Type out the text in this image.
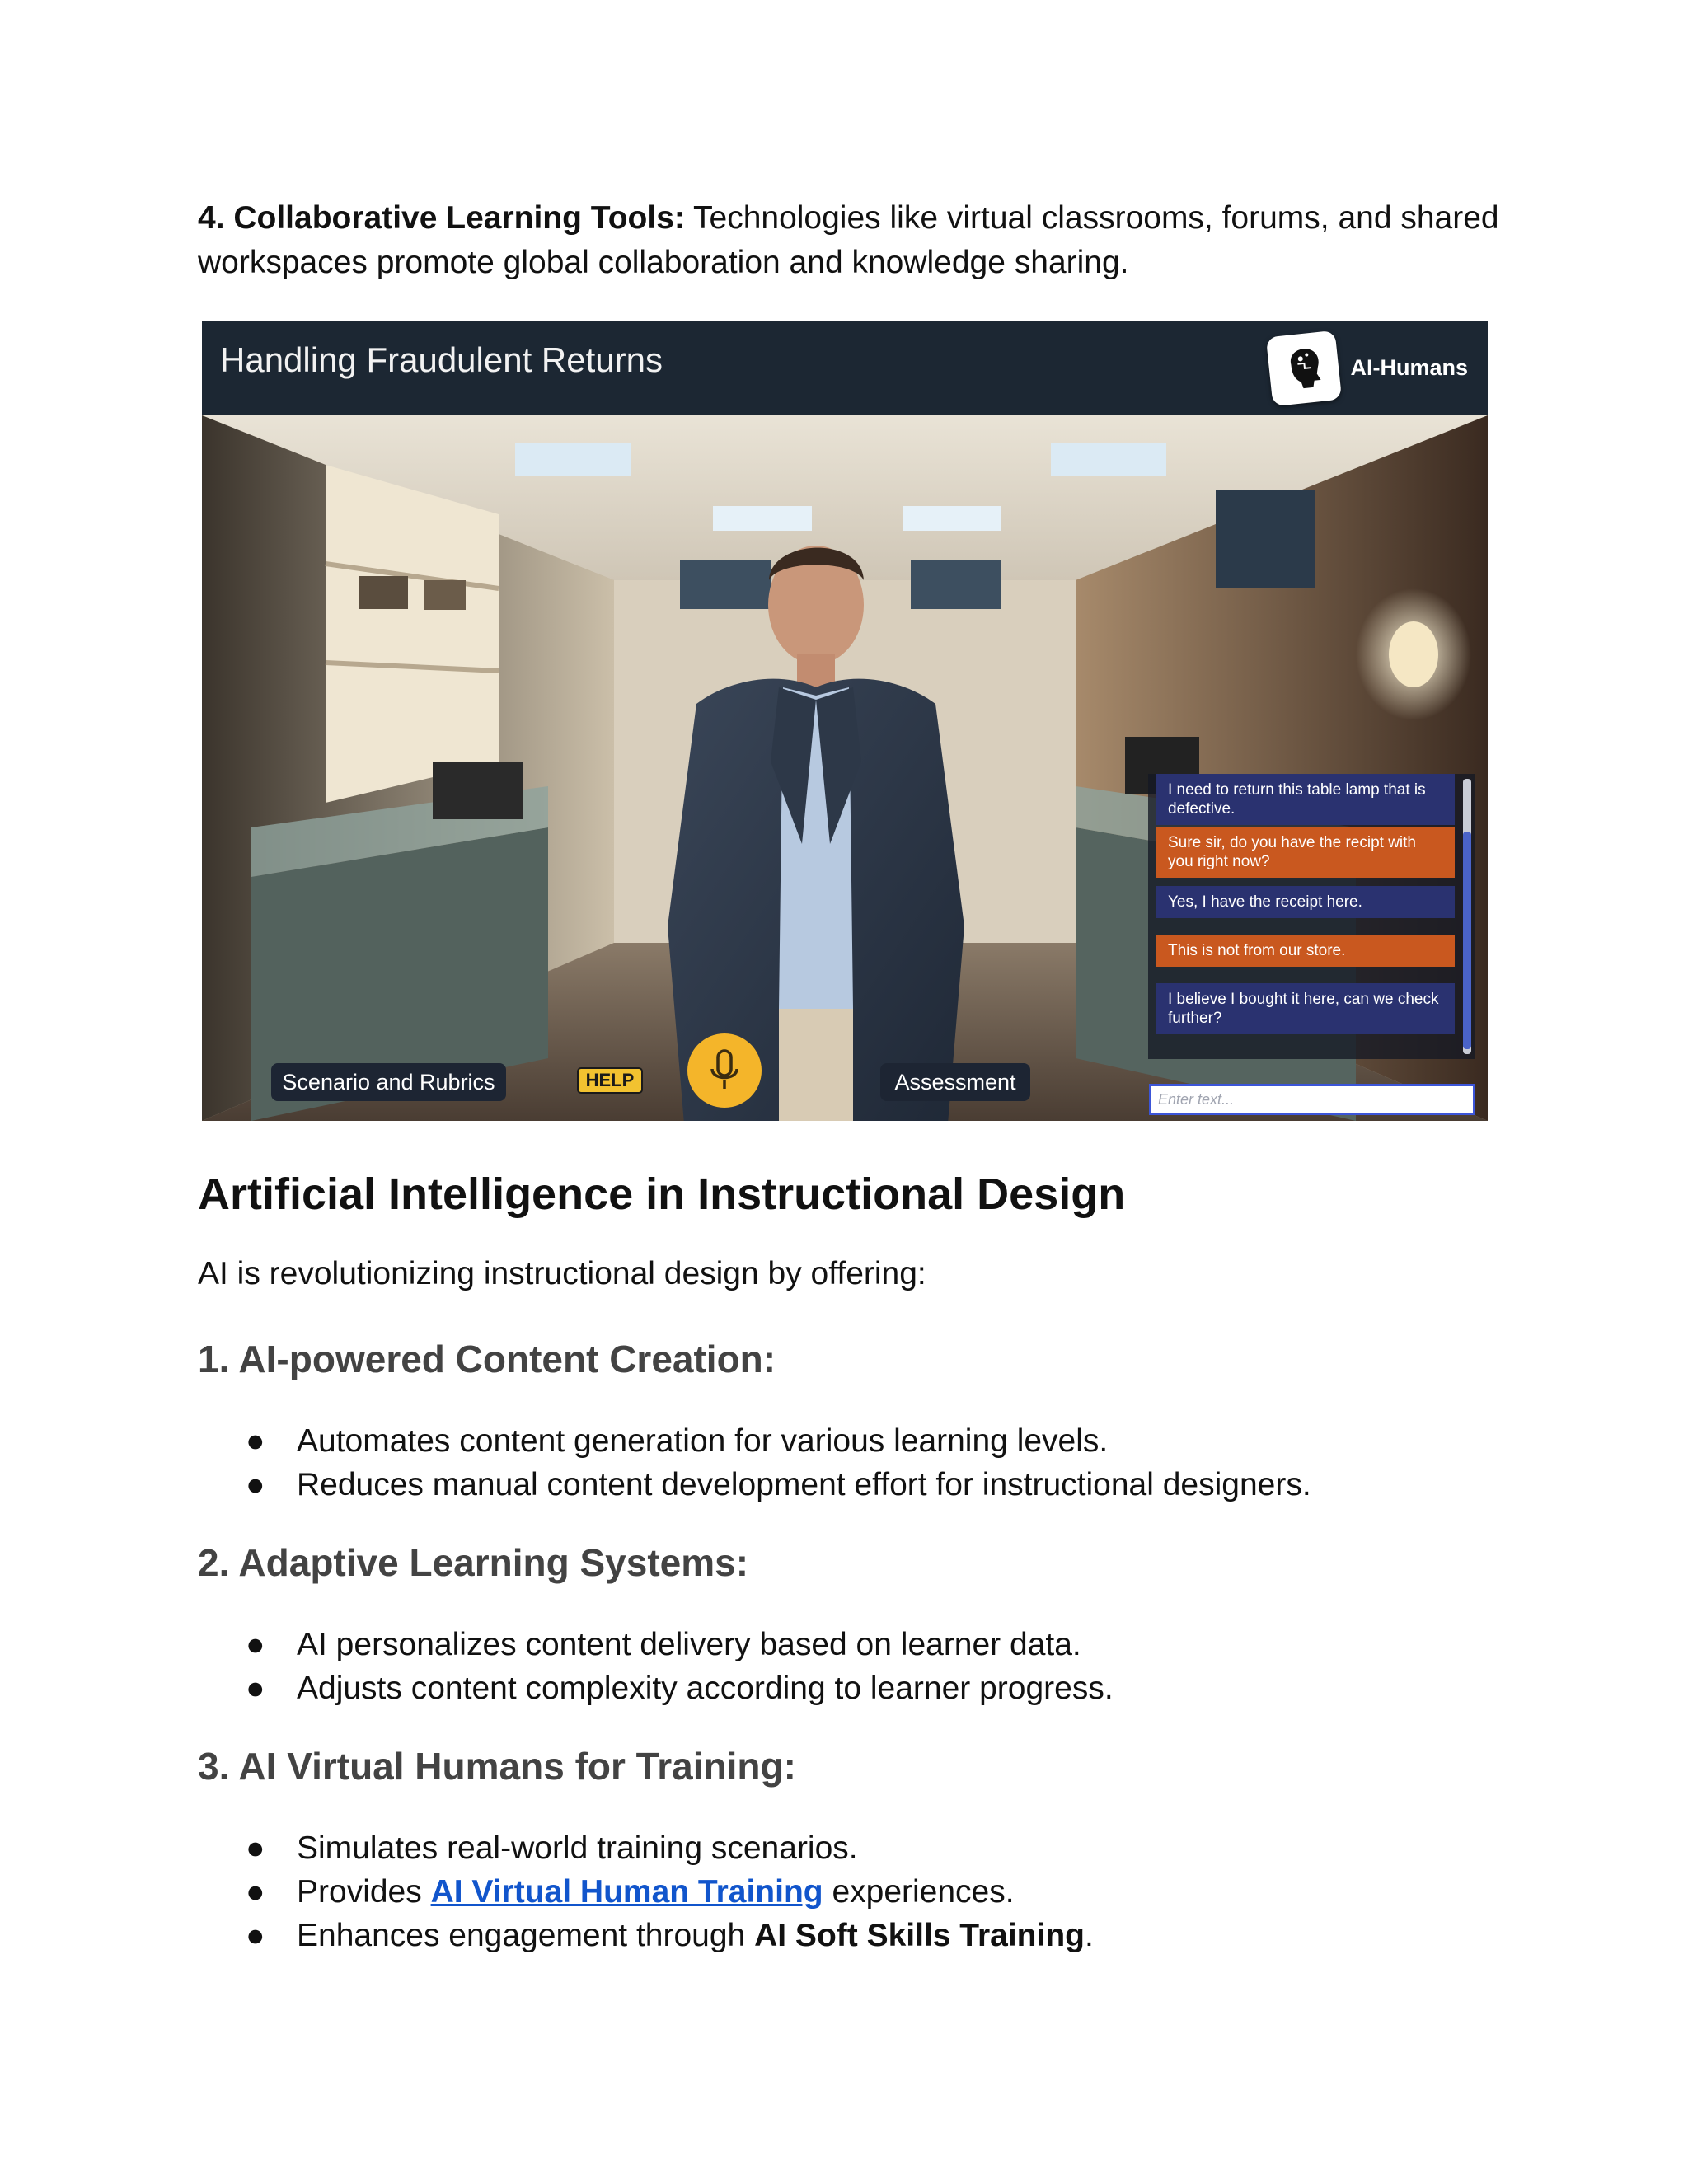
4. Collaborative Learning Tools: Technologies like virtual classrooms, forums, and shared workspaces promote global collaboration and knowledge sharing.

Handling Fraudulent Returns	AI-Humans
I need to return this table lamp that is defective.
Sure sir, do you have the recipt with you right now?
Yes, I have the receipt here.
This is not from our store.
I believe I bought it here, can we check further?
Enter text...
Scenario and Rubrics	HELP	Assessment
Artificial Intelligence in Instructional Design

AI is revolutionizing instructional design by offering:

1. AI-powered Content Creation:
● Automates content generation for various learning levels.
● Reduces manual content development effort for instructional designers.
2. Adaptive Learning Systems:
● AI personalizes content delivery based on learner data.
● Adjusts content complexity according to learner progress.
3. AI Virtual Humans for Training:
● Simulates real-world training scenarios.
● Provides AI Virtual Human Training experiences.
● Enhances engagement through AI Soft Skills Training.
